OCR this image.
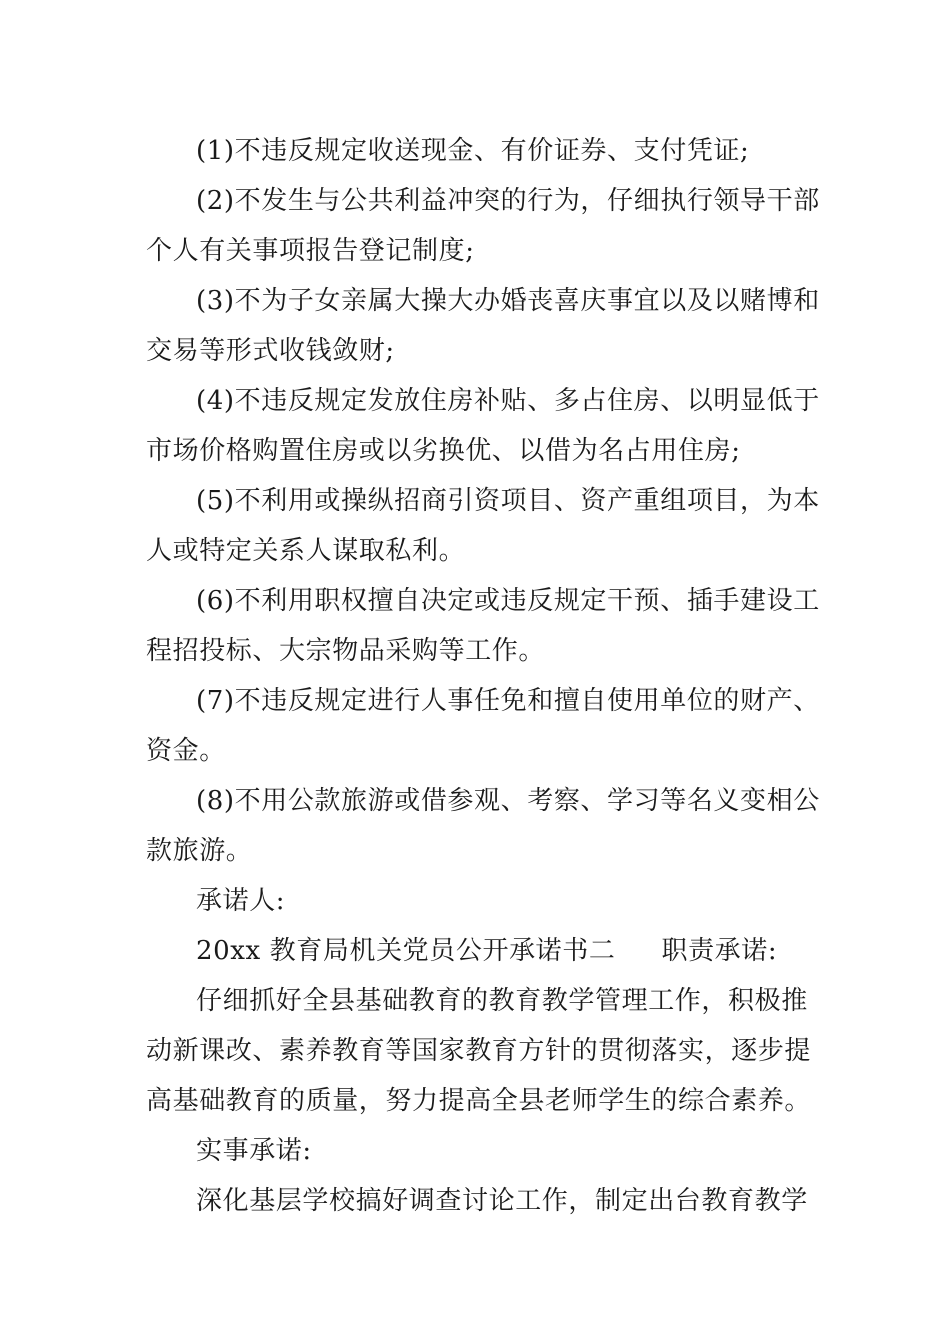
(1)不违反规定收送现金、有价证券、支付凭证;
(2)不发生与公共利益冲突的行为，仔细执行领导干部
个人有关事项报告登记制度;
(3)不为子女亲属大操大办婚丧喜庆事宜以及以赌博和
交易等形式收钱敛财;
(4)不违反规定发放住房补贴、多占住房、以明显低于
市场价格购置住房或以劣换优、以借为名占用住房;
(5)不利用或操纵招商引资项目、资产重组项目，为本
人或特定关系人谋取私利。
(6)不利用职权擅自决定或违反规定干预、插手建设工
程招投标、大宗物品采购等工作。
(7)不违反规定进行人事任免和擅自使用单位的财产、
资金。
(8)不用公款旅游或借参观、考察、学习等名义变相公
款旅游。
承诺人:
20xx 教育局机关党员公开承诺书二 职责承诺:
仔细抓好全县基础教育的教育教学管理工作，积极推
动新课改、素养教育等国家教育方针的贯彻落实，逐步提
高基础教育的质量，努力提高全县老师学生的综合素养。
实事承诺:
深化基层学校搞好调查讨论工作，制定出台教育教学
